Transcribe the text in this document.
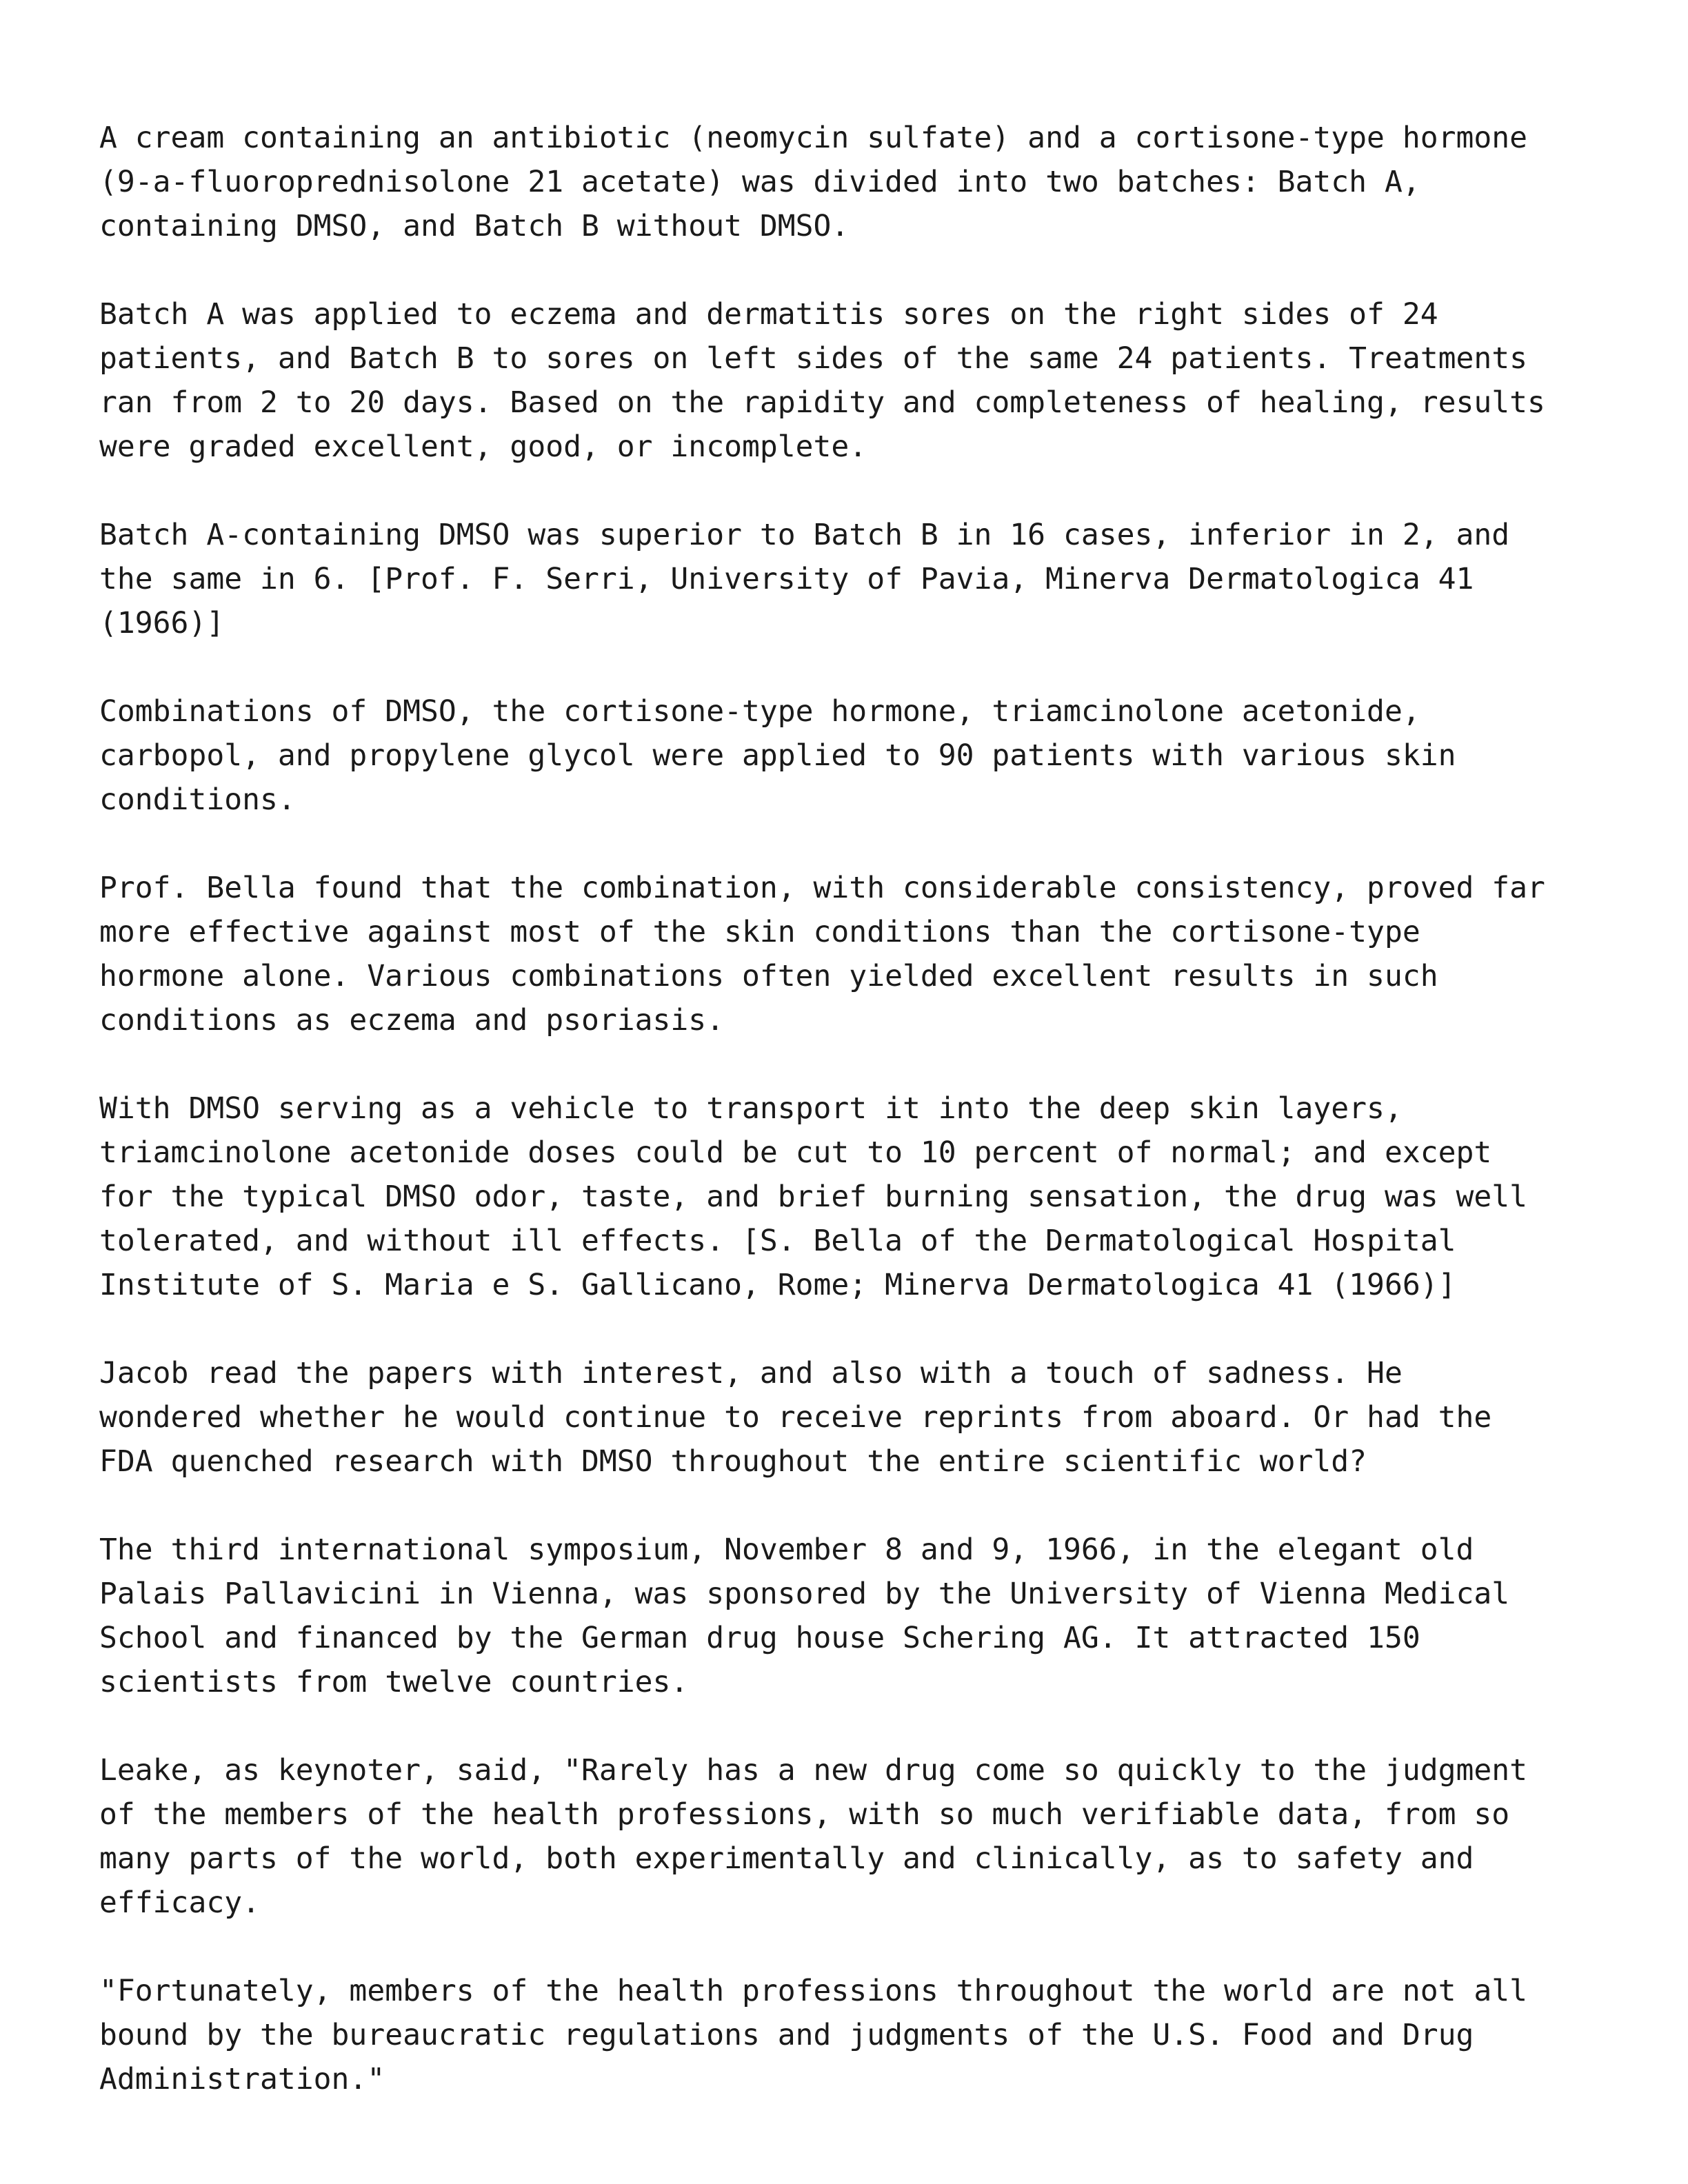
A cream containing an antibiotic (neomycin sulfate) and a cortisone-type hormone
(9-a-fluoroprednisolone 21 acetate) was divided into two batches: Batch A,
containing DMSO, and Batch B without DMSO.

Batch A was applied to eczema and dermatitis sores on the right sides of 24
patients, and Batch B to sores on left sides of the same 24 patients. Treatments
ran from 2 to 20 days. Based on the rapidity and completeness of healing, results
were graded excellent, good, or incomplete.

Batch A-containing DMSO was superior to Batch B in 16 cases, inferior in 2, and
the same in 6. [Prof. F. Serri, University of Pavia, Minerva Dermatologica 41
(1966)]

Combinations of DMSO, the cortisone-type hormone, triamcinolone acetonide,
carbopol, and propylene glycol were applied to 90 patients with various skin
conditions.

Prof. Bella found that the combination, with considerable consistency, proved far
more effective against most of the skin conditions than the cortisone-type
hormone alone. Various combinations often yielded excellent results in such
conditions as eczema and psoriasis.

With DMSO serving as a vehicle to transport it into the deep skin layers,
triamcinolone acetonide doses could be cut to 10 percent of normal; and except
for the typical DMSO odor, taste, and brief burning sensation, the drug was well
tolerated, and without ill effects. [S. Bella of the Dermatological Hospital
Institute of S. Maria e S. Gallicano, Rome; Minerva Dermatologica 41 (1966)]

Jacob read the papers with interest, and also with a touch of sadness. He
wondered whether he would continue to receive reprints from aboard. Or had the
FDA quenched research with DMSO throughout the entire scientific world?

The third international symposium, November 8 and 9, 1966, in the elegant old
Palais Pallavicini in Vienna, was sponsored by the University of Vienna Medical
School and financed by the German drug house Schering AG. It attracted 150
scientists from twelve countries.

Leake, as keynoter, said, "Rarely has a new drug come so quickly to the judgment
of the members of the health professions, with so much verifiable data, from so
many parts of the world, both experimentally and clinically, as to safety and
efficacy.

"Fortunately, members of the health professions throughout the world are not all
bound by the bureaucratic regulations and judgments of the U.S. Food and Drug
Administration."
